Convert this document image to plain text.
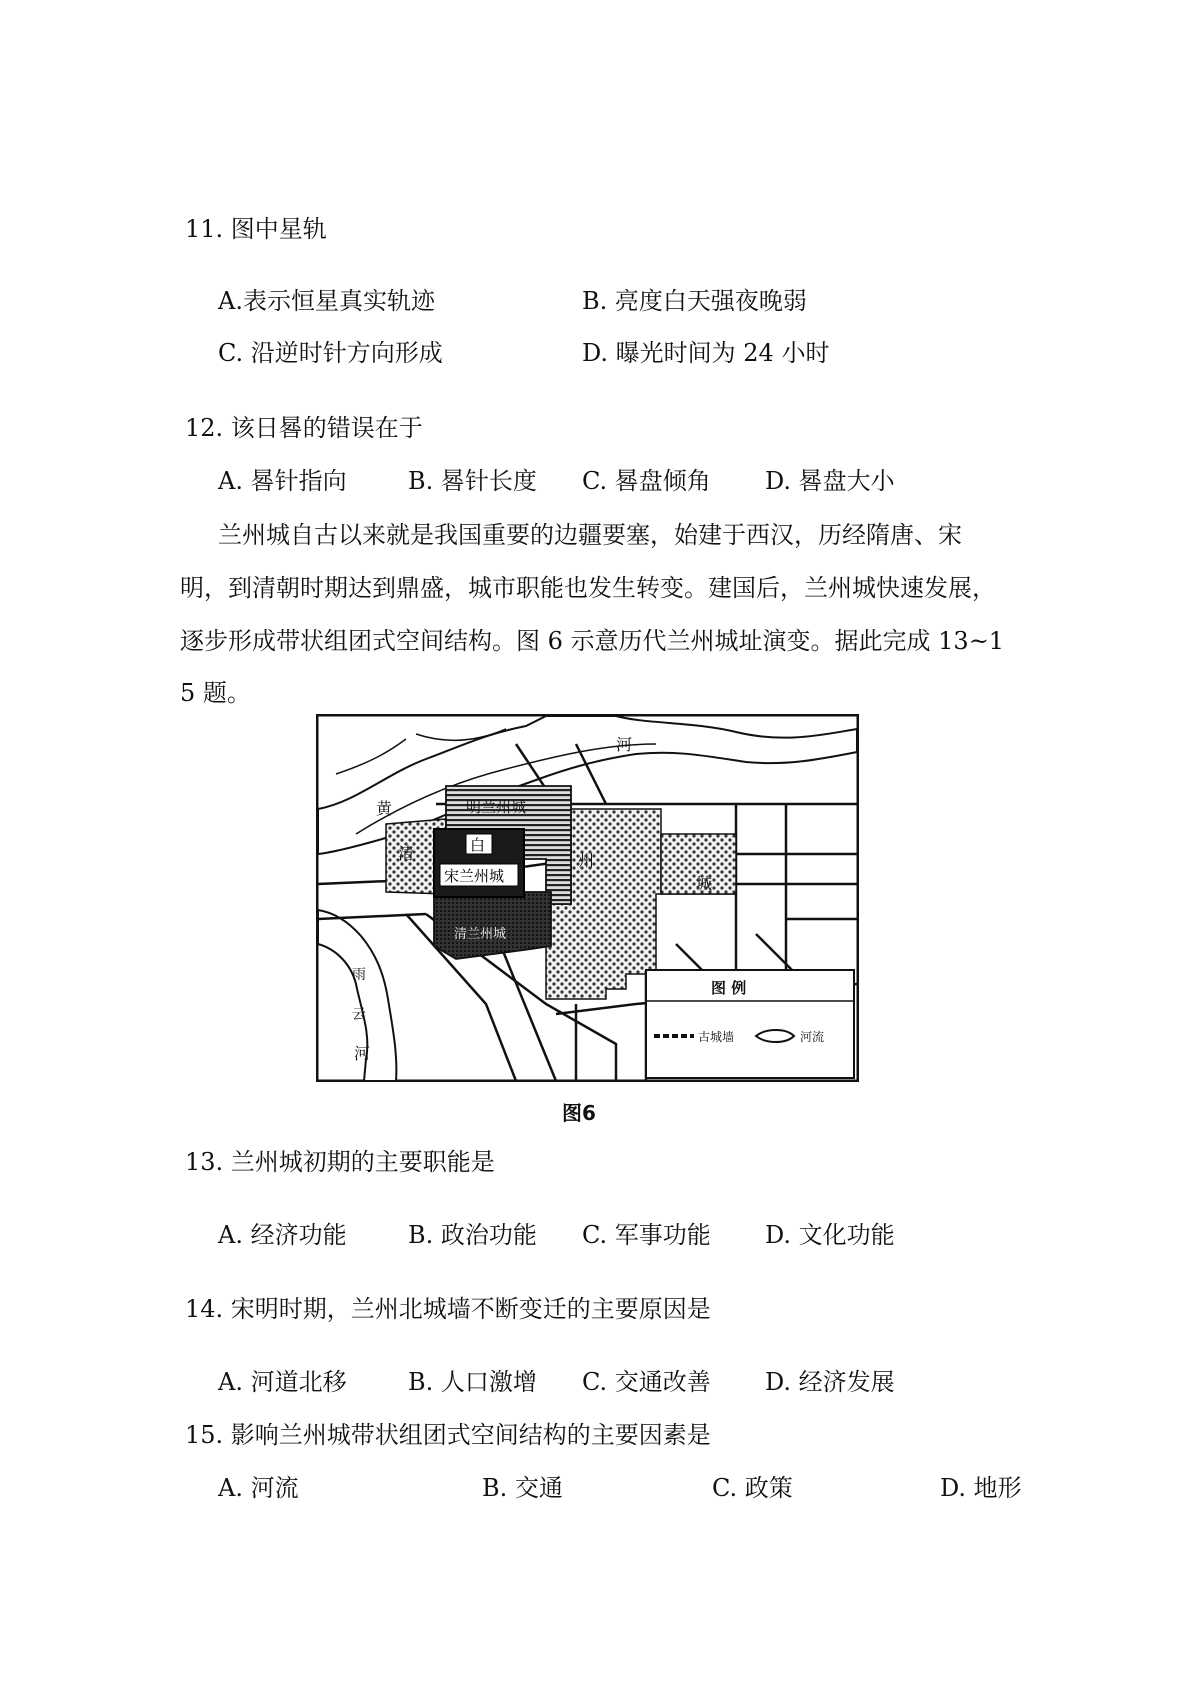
11. 图中星轨
A.表示恒星真实轨迹	B. 亮度白天强夜晚弱
C. 沿逆时针方向形成	D. 曝光时间为 24 小时
12. 该日晷的错误在于
A. 晷针指向	B. 晷针长度 C. 晷盘倾角 D. 晷盘大小
兰州城自古以来就是我国重要的边疆要塞，始建于西汉，历经隋唐、宋
明，到清朝时期达到鼎盛，城市职能也发生转变。建国后，兰州城快速发展，
逐步形成带状组团式空间结构。图 6 示意历代兰州城址演变。据此完成 13~1
5 题。
河
黄
清
明兰州城
州
城
雨
云
河
白
宋兰州城
清兰州城
图 例
古城墙	河流
图6
13. 兰州城初期的主要职能是
A. 经济功能	B. 政治功能 C. 军事功能 D. 文化功能
14. 宋明时期，兰州北城墙不断变迁的主要原因是
A. 河道北移	B. 人口激增 C. 交通改善 D. 经济发展
15. 影响兰州城带状组团式空间结构的主要因素是
A. 河流	B. 交通	C. 政策	D. 地形
